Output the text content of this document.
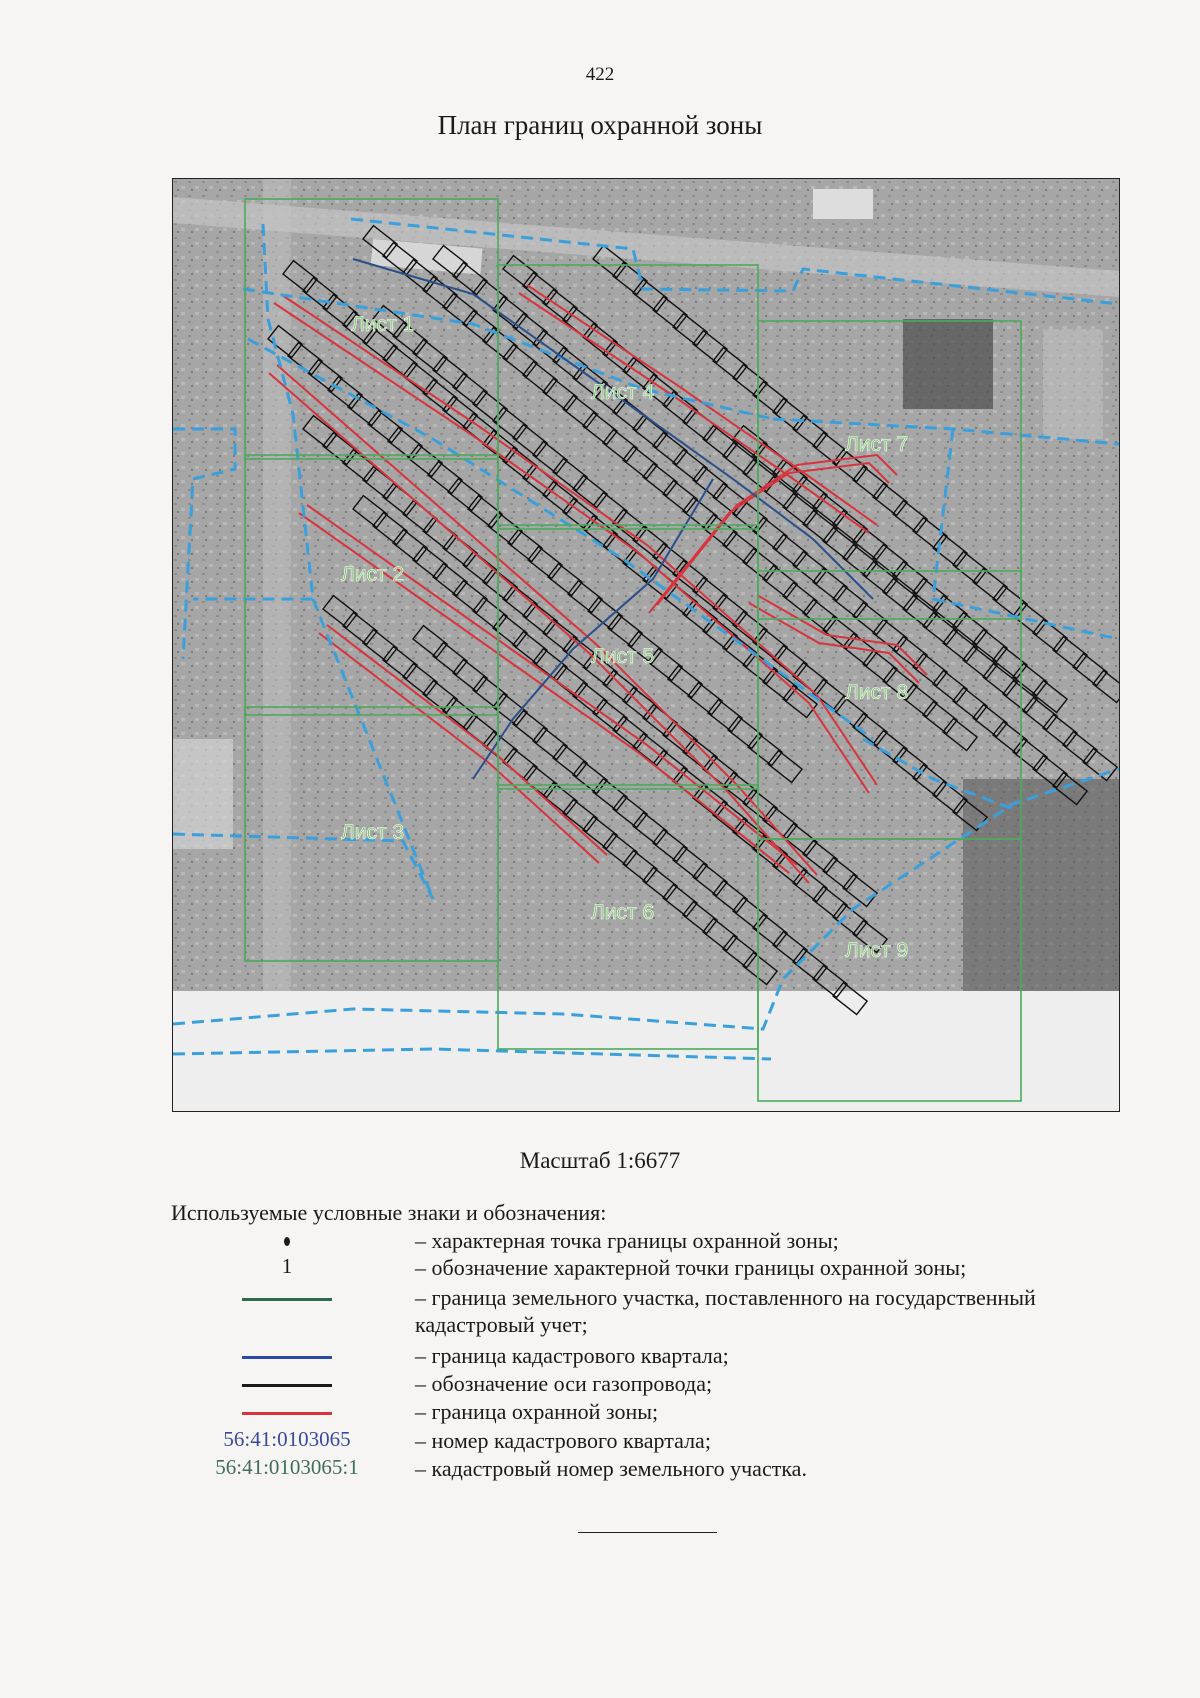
422
План границ охранной зоны
Лист 1
Лист 2
Лист 3
Лист 4
Лист 5
Лист 6
Лист 7
Лист 8
Лист 9
Масштаб 1:6677
Используемые условные знаки и обозначения:
– характерная точка границы охранной зоны;
1	– обозначение характерной точки границы охранной зоны;
– граница земельного участка, поставленного на государственный кадастровый учет;
– граница кадастрового квартала;
– обозначение оси газопровода;
– граница охранной зоны;
56:41:0103065	– номер кадастрового квартала;
56:41:0103065:1	– кадастровый номер земельного участка.
